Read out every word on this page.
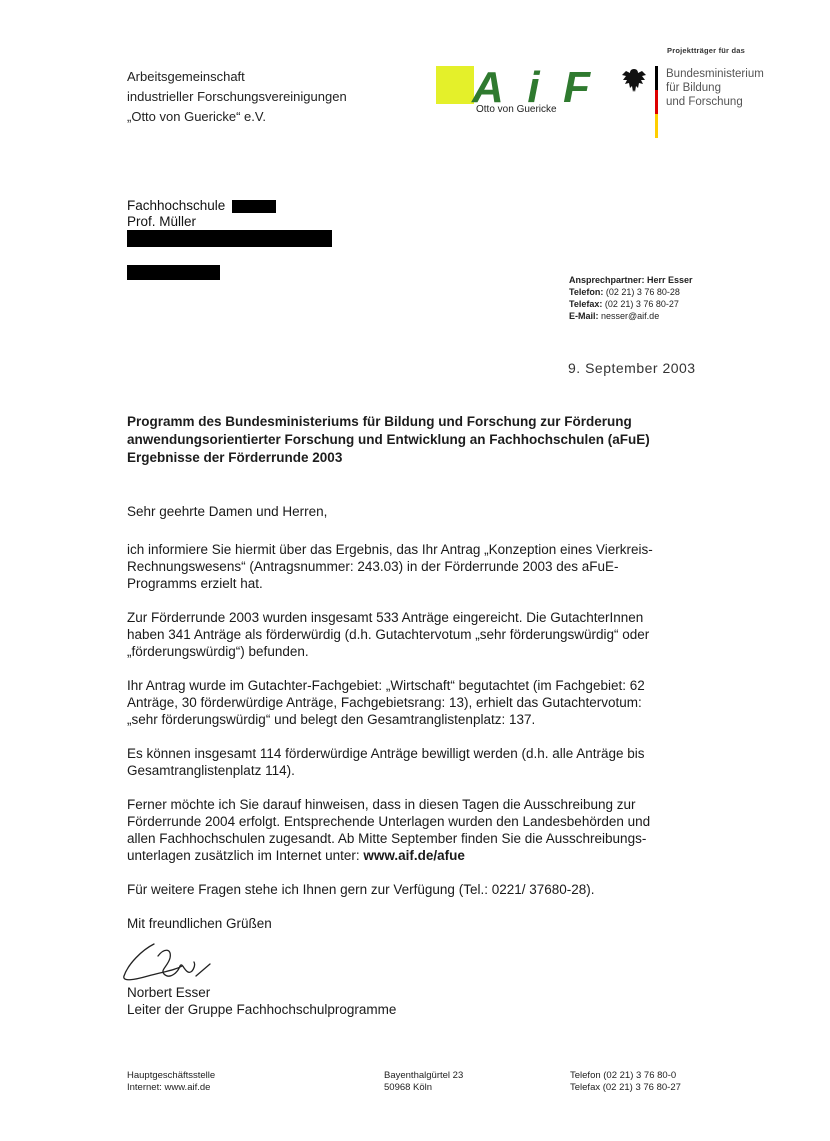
Arbeitsgemeinschaft
industrieller Forschungsvereinigungen
„Otto von Guericke“ e.V.
AiF
Otto von Guericke
Projektträger für das
Bundesministerium
für Bildung
und Forschung
Fachhochschule
Prof. Müller
Ansprechpartner: Herr Esser
Telefon: (02 21) 3 76 80-28
Telefax: (02 21) 3 76 80-27
E-Mail: nesser@aif.de
9. September 2003
Programm des Bundesministeriums für Bildung und Forschung zur Förderung
anwendungsorientierter Forschung und Entwicklung an Fachhochschulen (aFuE)
Ergebnisse der Förderrunde 2003

Sehr geehrte Damen und Herren,

ich informiere Sie hiermit über das Ergebnis, das Ihr Antrag „Konzeption eines Vierkreis-

Rechnungswesens“ (Antragsnummer: 243.03) in der Förderrunde 2003 des aFuE-

Programms erzielt hat.

Zur Förderrunde 2003 wurden insgesamt 533 Anträge eingereicht. Die GutachterInnen

haben 341 Anträge als förderwürdig (d.h. Gutachtervotum „sehr förderungswürdig“ oder

„förderungswürdig“) befunden.

Ihr Antrag wurde im Gutachter-Fachgebiet: „Wirtschaft“ begutachtet (im Fachgebiet: 62

Anträge, 30 förderwürdige Anträge, Fachgebietsrang: 13), erhielt das Gutachtervotum:

„sehr förderungswürdig“ und belegt den Gesamtranglistenplatz: 137.

Es können insgesamt 114 förderwürdige Anträge bewilligt werden (d.h. alle Anträge bis

Gesamtranglistenplatz 114).

Ferner möchte ich Sie darauf hinweisen, dass in diesen Tagen die Ausschreibung zur

Förderrunde 2004 erfolgt. Entsprechende Unterlagen wurden den Landesbehörden und

allen Fachhochschulen zugesandt. Ab Mitte September finden Sie die Ausschreibungs-

unterlagen zusätzlich im Internet unter: www.aif.de/afue

Für weitere Fragen stehe ich Ihnen gern zur Verfügung (Tel.: 0221/ 37680-28).

Mit freundlichen Grüßen

Norbert Esser
Leiter der Gruppe Fachhochschulprogramme
Hauptgeschäftsstelle
Internet: www.aif.de
Bayenthalgürtel 23
50968 Köln
Telefon (02 21) 3 76 80-0
Telefax (02 21) 3 76 80-27
